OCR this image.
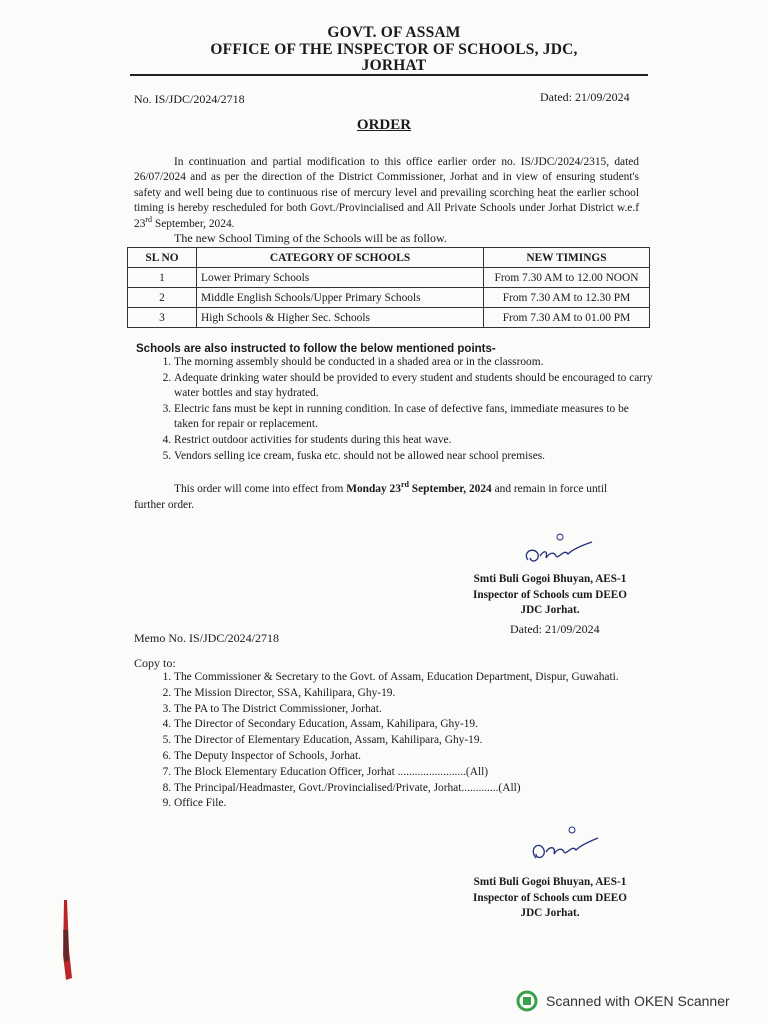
GOVT. OF ASSAM
OFFICE OF THE INSPECTOR OF SCHOOLS, JDC,
JORHAT
No. IS/JDC/2024/2718	Dated: 21/09/2024
ORDER
In continuation and partial modification to this office earlier order no. IS/JDC/2024/2315, dated 26/07/2024 and as per the direction of the District Commissioner, Jorhat and in view of ensuring student's safety and well being due to continuous rise of mercury level and prevailing scorching heat the earlier school timing is hereby rescheduled for both Govt./Provincialised and All Private Schools under Jorhat District w.e.f 23rd September, 2024.
The new School Timing of the Schools will be as follow.
SL NO	CATEGORY OF SCHOOLS	NEW TIMINGS
1	Lower Primary Schools	From 7.30 AM to 12.00 NOON
2	Middle English Schools/Upper Primary Schools	From 7.30 AM to 12.30 PM
3	High Schools & Higher Sec. Schools	From 7.30 AM to 01.00 PM
Schools are also instructed to follow the below mentioned points-
1. The morning assembly should be conducted in a shaded area or in the classroom.
2. Adequate drinking water should be provided to every student and students should be encouraged to carry water bottles and stay hydrated.
3. Electric fans must be kept in running condition. In case of defective fans, immediate measures to be taken for repair or replacement.
4. Restrict outdoor activities for students during this heat wave.
5. Vendors selling ice cream, fuska etc. should not be allowed near school premises.
This order will come into effect from Monday 23rd September, 2024 and remain in force until further order.
Smti Buli Gogoi Bhuyan, AES-1
Inspector of Schools cum DEEO
JDC Jorhat.
Memo No. IS/JDC/2024/2718
Dated: 21/09/2024
Copy to:
1. The Commissioner & Secretary to the Govt. of Assam, Education Department, Dispur, Guwahati.
2. The Mission Director, SSA, Kahilipara, Ghy-19.
3. The PA to The District Commissioner, Jorhat.
4. The Director of Secondary Education, Assam, Kahilipara, Ghy-19.
5. The Director of Elementary Education, Assam, Kahilipara, Ghy-19.
6. The Deputy Inspector of Schools, Jorhat.
7. The Block Elementary Education Officer, Jorhat ........................(All)
8. The Principal/Headmaster, Govt./Provincialised/Private, Jorhat.............(All)
9. Office File.
Smti Buli Gogoi Bhuyan, AES-1
Inspector of Schools cum DEEO
JDC Jorhat.
Scanned with OKEN Scanner
